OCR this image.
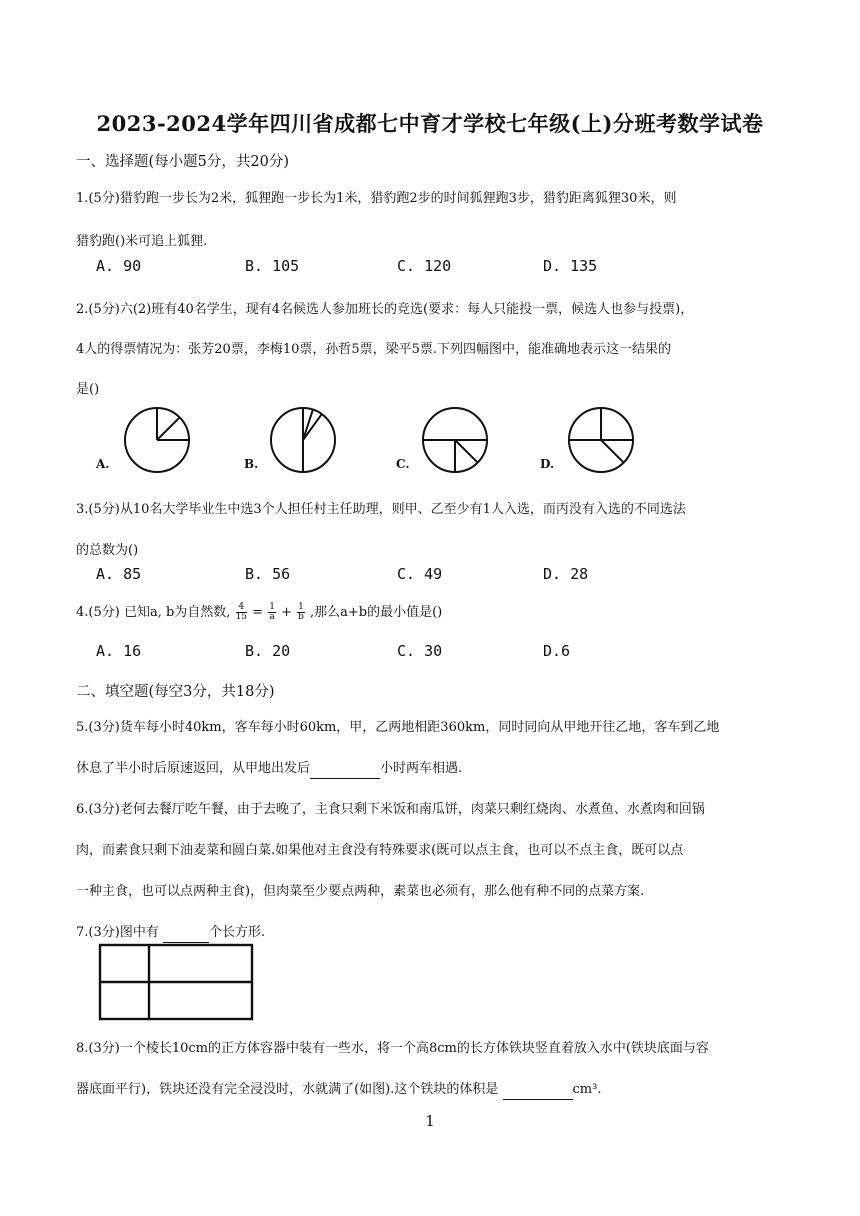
2023-2024学年四川省成都七中育才学校七年级(上)分班考数学试卷
一、选择题(每小题5分，共20分)
1.(5分)猎豹跑一步长为2米，狐狸跑一步长为1米，猎豹跑2步的时间狐狸跑3步，猎豹距离狐狸30米，则
猎豹跑()米可追上狐狸.
A. 90	B. 105	C. 120	D. 135
2.(5分)六(2)班有40名学生，现有4名候选人参加班长的竞选(要求：每人只能投一票，候选人也参与投票)，
4人的得票情况为：张芳20票，李梅10票，孙哲5票，梁平5票.下列四幅图中，能准确地表示这一结果的
是()
A.	B.	C.	D.
3.(5分)从10名大学毕业生中选3个人担任村主任助理，则甲、乙至少有1人入选，而丙没有入选的不同选法
的总数为()
A. 85	B. 56	C. 49	D. 28
4.(5分) 已知a, b为自然数, $\frac{4}{15} = \frac{1}{a} + \frac{1}{b}$ ,那么a+b的最小值是()
A. 16	B. 20	C. 30	D.6
二、填空题(每空3分，共18分)
5.(3分)货车每小时40km，客车每小时60km，甲，乙两地相距360km，同时同向从甲地开往乙地，客车到乙地
休息了半小时后原速返回，从甲地出发后	小时两车相遇.
6.(3分)老何去餐厅吃午餐，由于去晚了，主食只剩下米饭和南瓜饼，肉菜只剩红烧肉、水煮鱼、水煮肉和回锅
肉，而素食只剩下油麦菜和圆白菜.如果他对主食没有特殊要求(既可以点主食，也可以不点主食，既可以点
一种主食，也可以点两种主食)，但肉菜至少要点两种，素菜也必须有，那么他有种不同的点菜方案.
7.(3分)图中有	个长方形.
8.(3分)一个棱长10cm的正方体容器中装有一些水，将一个高8cm的长方体铁块竖直着放入水中(铁块底面与容
器底面平行)，铁块还没有完全浸没时，水就满了(如图).这个铁块的体积是	cm³.
1
